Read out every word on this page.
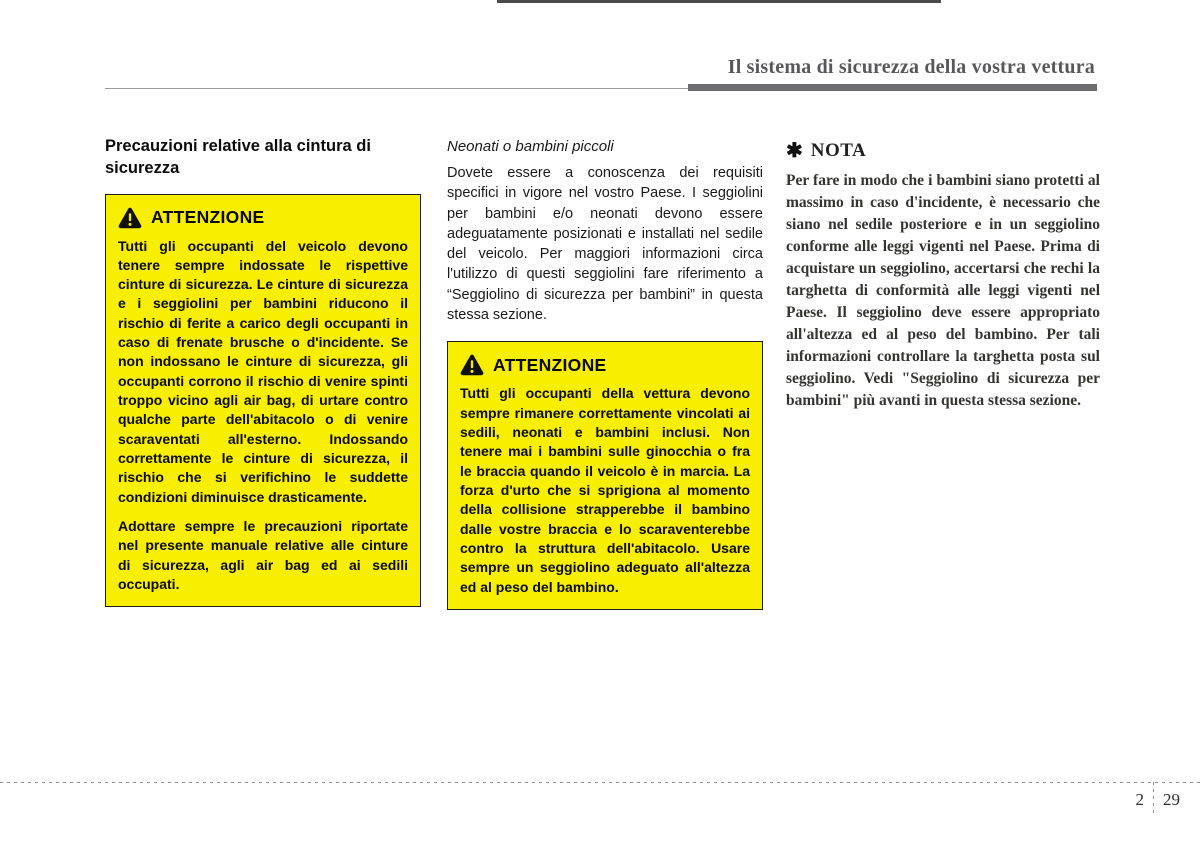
Il sistema di sicurezza della vostra vettura
Precauzioni relative alla cintura di sicurezza
ATTENZIONE

Tutti gli occupanti del veicolo devono tenere sempre indossate le rispettive cinture di sicurezza. Le cinture di sicurezza e i seggiolini per bambini riducono il rischio di ferite a carico degli occupanti in caso di frenate brusche o d'incidente. Se non indossano le cinture di sicurezza, gli occupanti corrono il rischio di venire spinti troppo vicino agli air bag, di urtare contro qualche parte dell'abitacolo o di venire scaraventati all'esterno. Indossando correttamente le cinture di sicurezza, il rischio che si verifichino le suddette condizioni diminuisce drasticamente.

Adottare sempre le precauzioni riportate nel presente manuale relative alle cinture di sicurezza, agli air bag ed ai sedili occupati.

Neonati o bambini piccoli

Dovete essere a conoscenza dei requisiti specifici in vigore nel vostro Paese. I seggiolini per bambini e/o neonati devono essere adeguatamente posizionati e installati nel sedile del veicolo. Per maggiori informazioni circa l'utilizzo di questi seggiolini fare riferimento a “Seggiolino di sicurezza per bambini” in questa stessa sezione.

ATTENZIONE

Tutti gli occupanti della vettura devono sempre rimanere correttamente vincolati ai sedili, neonati e bambini inclusi. Non tenere mai i bambini sulle ginocchia o fra le braccia quando il veicolo è in marcia. La forza d'urto che si sprigiona al momento della collisione strapperebbe il bambino dalle vostre braccia e lo scaraventerebbe contro la struttura dell'abitacolo. Usare sempre un seggiolino adeguato all'altezza ed al peso del bambino.

✱ NOTA

Per fare in modo che i bambini siano protetti al massimo in caso d'incidente, è necessario che siano nel sedile posteriore e in un seggiolino conforme alle leggi vigenti nel Paese. Prima di acquistare un seggiolino, accertarsi che rechi la targhetta di conformità alle leggi vigenti nel Paese. Il seggiolino deve essere appropriato all'altezza ed al peso del bambino. Per tali informazioni controllare la targhetta posta sul seggiolino. Vedi "Seggiolino di sicurezza per bambini" più avanti in questa stessa sezione.

2 29
